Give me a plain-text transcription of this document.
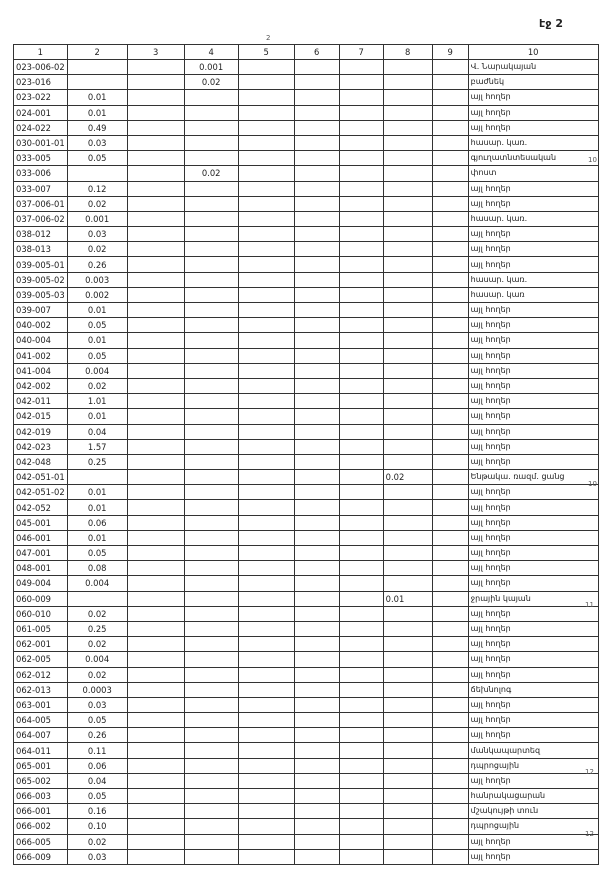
էջ 2
2
1	2	3	4	5	6	7	8	9	10
023-006-02			0.001						Վ. Նարակայան
023-016			0.02						բաժնեկ
023-022	0.01								այլ հողեր
024-001	0.01								այլ հողեր
024-022	0.49								այլ հողեր
030-001-01	0.03								հասար. կառ.
033-005	0.05								գյուղատնտեսական
033-006			0.02						փոստ
033-007	0.12								այլ հողեր
037-006-01	0.02								այլ հողեր
037-006-02	0.001								հասար. կառ.
038-012	0.03								այլ հողեր
038-013	0.02								այլ հողեր
039-005-01	0.26								այլ հողեր
039-005-02	0.003								հասար. կառ.
039-005-03	0.002								հասար. կառ
039-007	0.01								այլ հողեր
040-002	0.05								այլ հողեր
040-004	0.01								այլ հողեր
041-002	0.05								այլ հողեր
041-004	0.004								այլ հողեր
042-002	0.02								այլ հողեր
042-011	1.01								այլ հողեր
042-015	0.01								այլ հողեր
042-019	0.04								այլ հողեր
042-023	1.57								այլ հողեր
042-048	0.25								այլ հողեր
042-051-01							0.02		Ենթակա. ռազմ. ցանց
042-051-02	0.01								այլ հողեր
042-052	0.01								այլ հողեր
045-001	0.06								այլ հողեր
046-001	0.01								այլ հողեր
047-001	0.05								այլ հողեր
048-001	0.08								այլ հողեր
049-004	0.004								այլ հողեր
060-009							0.01		ջրային կայան
060-010	0.02								այլ հողեր
061-005	0.25								այլ հողեր
062-001	0.02								այլ հողեր
062-005	0.004								այլ հողեր
062-012	0.02								այլ հողեր
062-013	0.0003								ճեխնոլոգ
063-001	0.03								այլ հողեր
064-005	0.05								այլ հողեր
064-007	0.26								այլ հողեր
064-011	0.11								մանկապարտեզ
065-001	0.06								դպրոցային
065-002	0.04								այլ հողեր
066-003	0.05								հանրակացարան
066-001	0.16								մշակույթի տուն
066-002	0.10								դպրոցային
066-005	0.02								այլ հողեր
066-009	0.03								այլ հողեր
10
10
11
12
12
